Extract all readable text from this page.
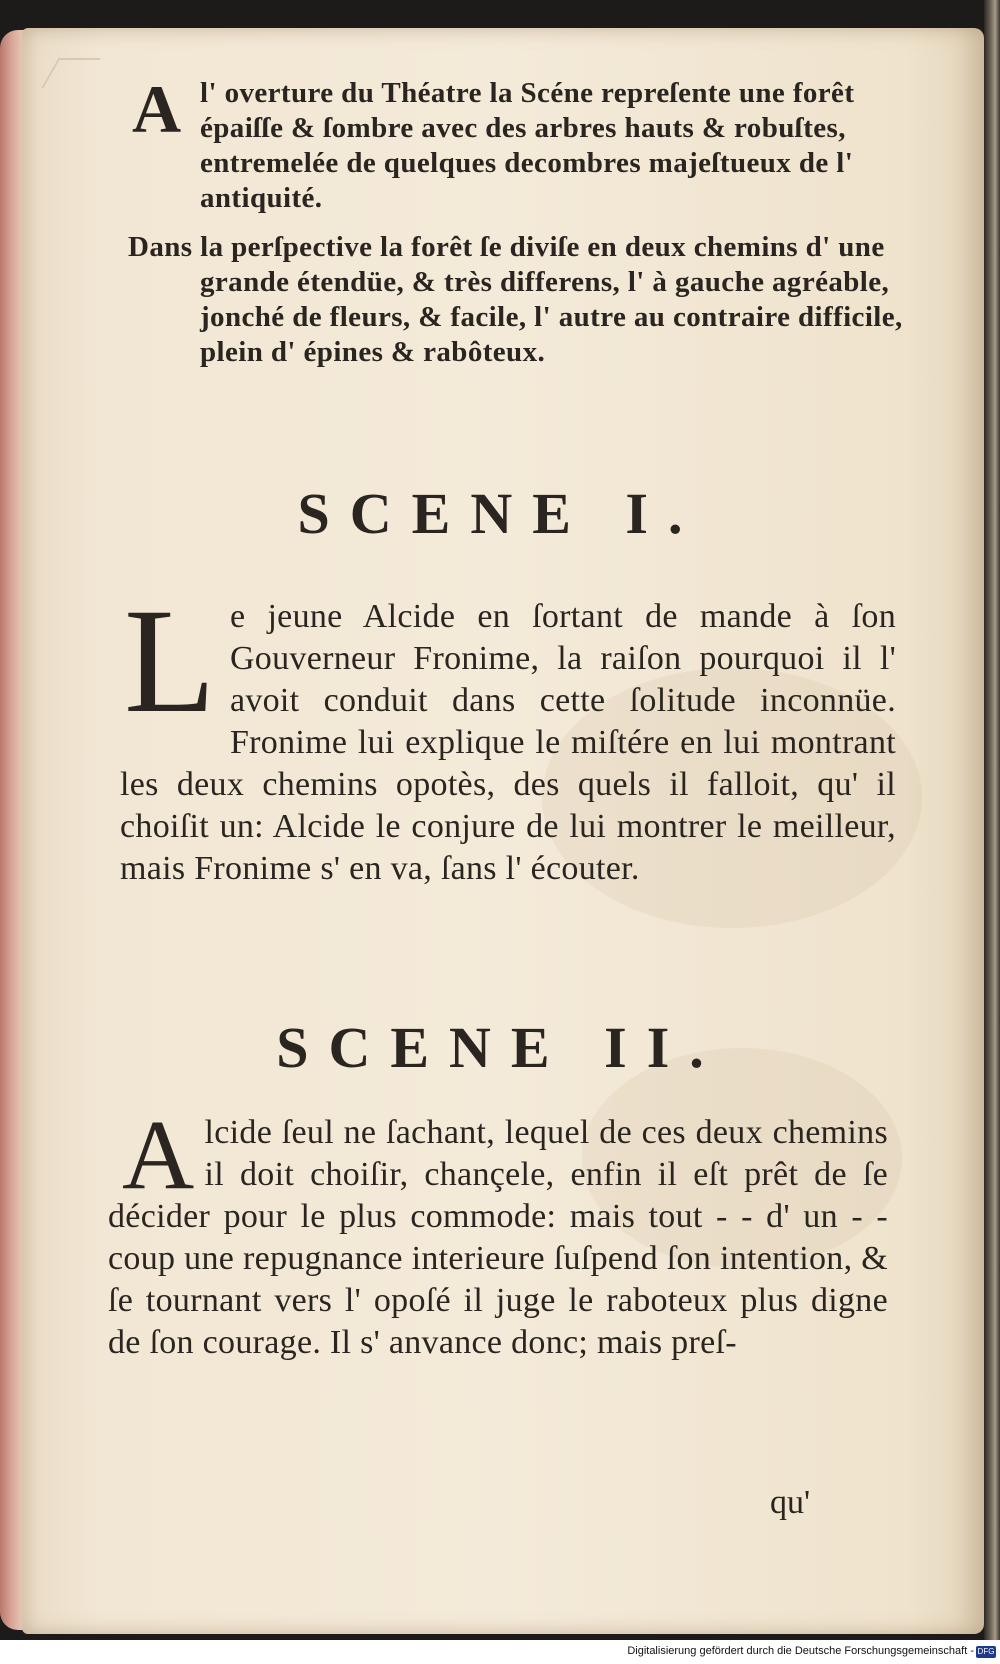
A l' overture du Théatre la Scéne repreſente une forêt épaiſſe & ſombre avec des arbres hauts & robuſtes, entremelée de quelques decombres majeſtueux de l' antiquité.
Dans la perſpective la forêt ſe diviſe en deux chemins d' une grande étendüe, & très differens, l' à gauche agréable, jonché de fleurs, & facile, l' autre au contraire difficile, plein d' épines & rabôteux.
SCENE I.
L e jeune Alcide en ſortant de mande à ſon Gouverneur Fronime, la raiſon pourquoi il l' avoit conduit dans cette ſolitude inconnüe. Fronime lui explique le miſtére en lui montrant les deux chemins opotès, des quels il falloit, qu' il choiſit un: Alcide le conjure de lui montrer le meilleur, mais Fronime s' en va, ſans l' écouter.
SCENE II.
A lcide ſeul ne ſachant, lequel de ces deux chemins il doit choiſir, chançele, enfin il eſt prêt de ſe décider pour le plus commode: mais tout - - d' un - - coup une repugnance interieure ſuſpend ſon intention, & ſe tournant vers l' opoſé il juge le raboteux plus digne de ſon courage. Il s' anvance donc; mais preſ-
qu'
Digitalisierung gefördert durch die Deutsche Forschungsgemeinschaft - DFG
